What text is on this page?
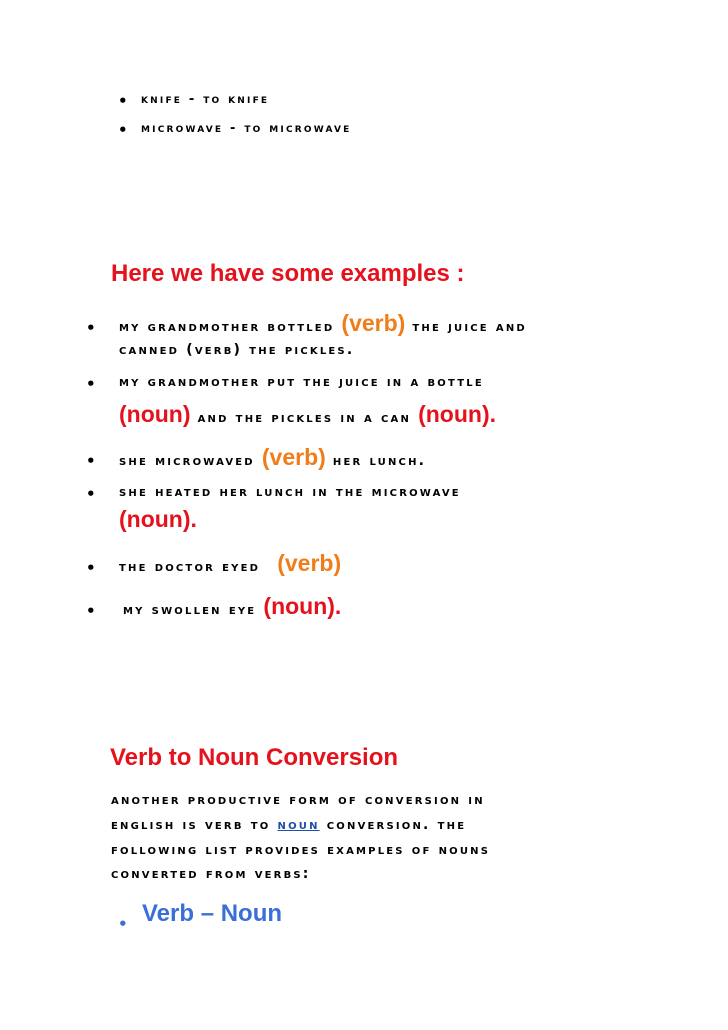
• knife - to knife
• microwave - to microwave
Here we have some examples :
• my grandmother bottled (verb) the juice and
canned (verb) the pickles.
• my grandmother put the juice in a bottle
(noun) and the pickles in a can (noun).
• she microwaved (verb) her lunch.
• she heated her lunch in the microwave
(noun).
• the doctor eyed (verb)
• my swollen eye (noun).
Verb to Noun Conversion
another productive form of conversion in
english is verb to noun conversion. the
following list provides examples of nouns
converted from verbs:
• Verb – Noun
